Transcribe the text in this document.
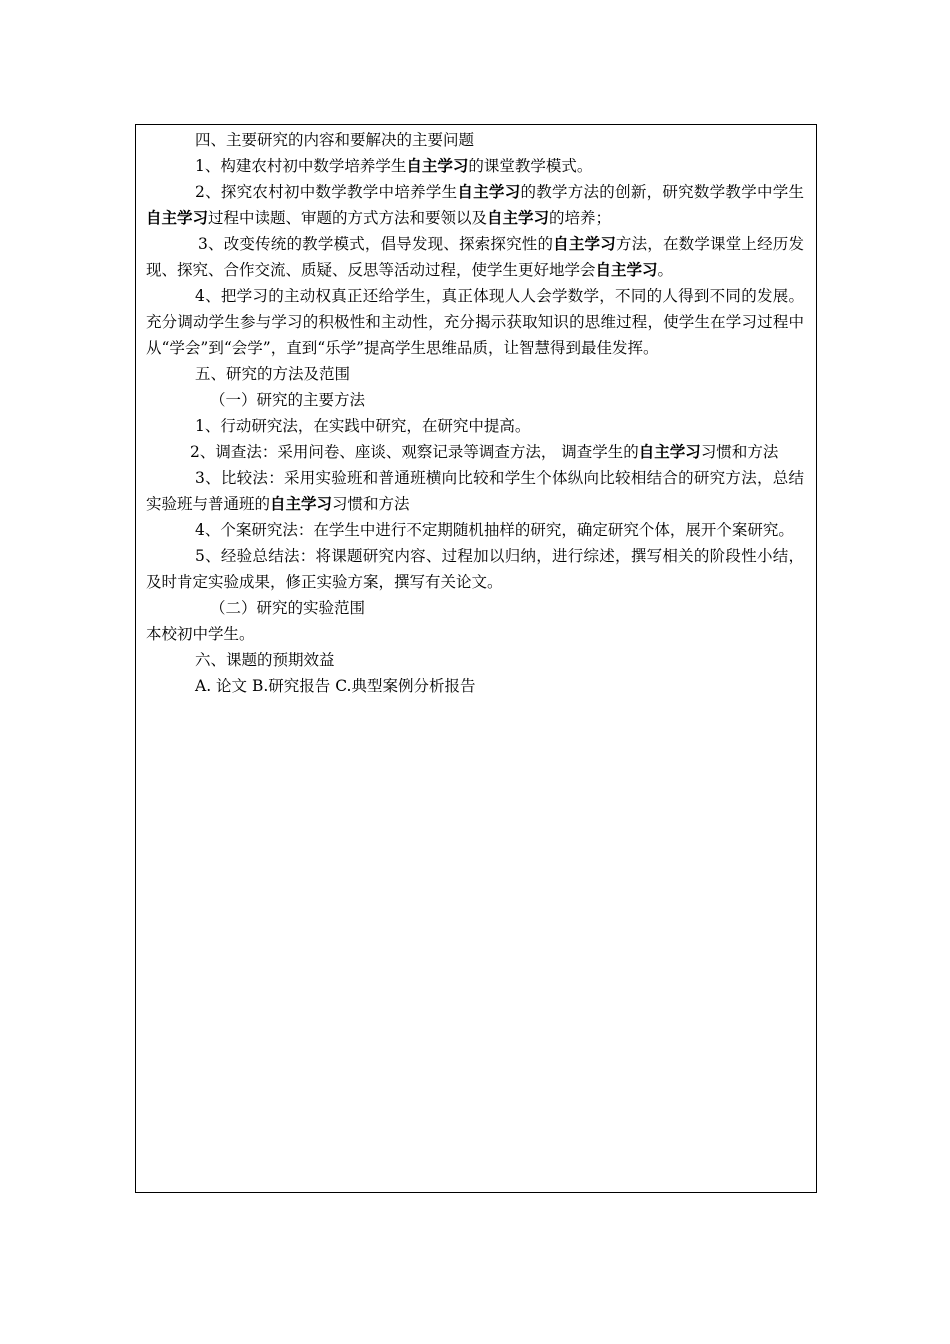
四、主要研究的内容和要解决的主要问题

1、构建农村初中数学培养学生自主学习的课堂教学模式。

2、探究农村初中数学教学中培养学生自主学习的教学方法的创新，研究数学教学中学生自主学习过程中读题、审题的方式方法和要领以及自主学习的培养；

3、改变传统的教学模式，倡导发现、探索探究性的自主学习方法，在数学课堂上经历发现、探究、合作交流、质疑、反思等活动过程，使学生更好地学会自主学习。

4、把学习的主动权真正还给学生，真正体现人人会学数学，不同的人得到不同的发展。充分调动学生参与学习的积极性和主动性，充分揭示获取知识的思维过程，使学生在学习过程中从“学会”到“会学”，直到“乐学”提高学生思维品质，让智慧得到最佳发挥。

五、研究的方法及范围

（一）研究的主要方法

1、行动研究法，在实践中研究，在研究中提高。

2、调查法：采用问卷、座谈、观察记录等调查方法， 调查学生的自主学习习惯和方法

3、比较法：采用实验班和普通班横向比较和学生个体纵向比较相结合的研究方法，总结实验班与普通班的自主学习习惯和方法

4、个案研究法：在学生中进行不定期随机抽样的研究，确定研究个体，展开个案研究。

5、经验总结法：将课题研究内容、过程加以归纳，进行综述，撰写相关的阶段性小结，及时肯定实验成果，修正实验方案，撰写有关论文。

（二）研究的实验范围

本校初中学生。

六、课题的预期效益

A. 论文 B.研究报告 C.典型案例分析报告
